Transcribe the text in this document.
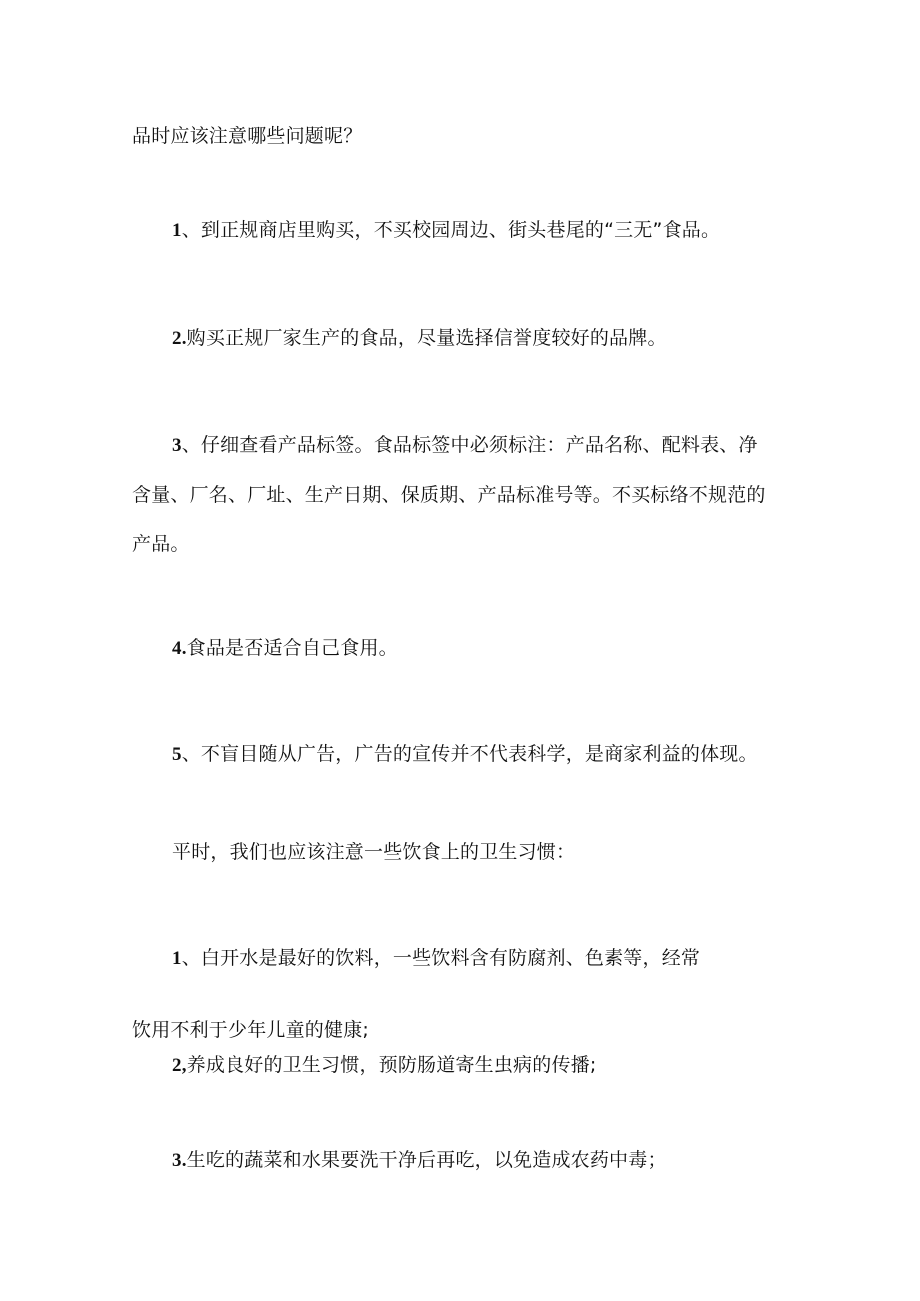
品时应该注意哪些问题呢？
1、到正规商店里购买，不买校园周边、街头巷尾的“三无”食品。
2.购买正规厂家生产的食品，尽量选择信誉度较好的品牌。
3、仔细查看产品标签。食品标签中必须标注：产品名称、配料表、净
含量、厂名、厂址、生产日期、保质期、产品标准号等。不买标络不规范的
产品。
4.食品是否适合自己食用。
5、不盲目随从广告，广告的宣传并不代表科学，是商家利益的体现。
平时，我们也应该注意一些饮食上的卫生习惯：
1、白开水是最好的饮料，一些饮料含有防腐剂、色素等，经常
饮用不利于少年儿童的健康;
2,养成良好的卫生习惯，预防肠道寄生虫病的传播;
3.生吃的蔬菜和水果要洗干净后再吃，以免造成农药中毒；
